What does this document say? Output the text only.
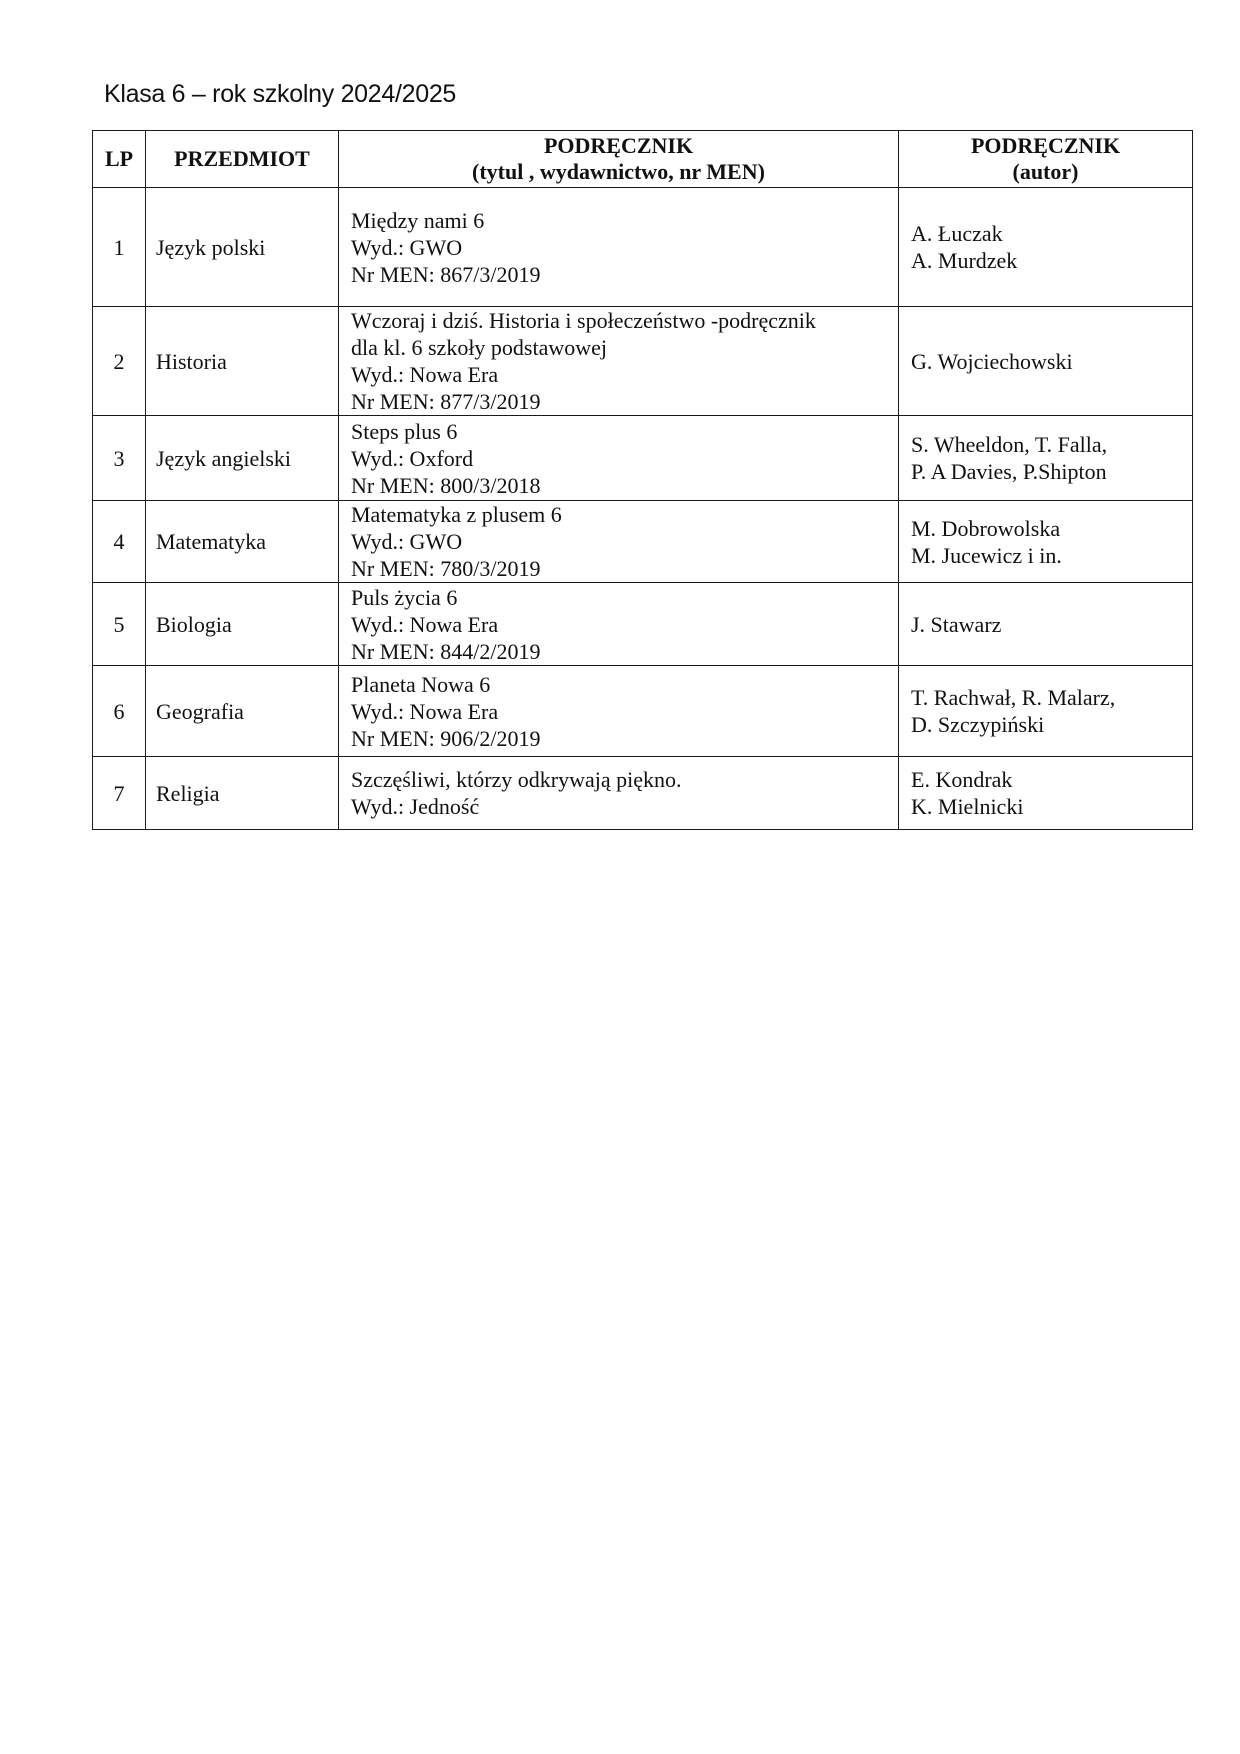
Klasa 6 – rok szkolny 2024/2025
LP	PRZEDMIOT	PODRĘCZNIK
(tytul , wydawnictwo, nr MEN)	PODRĘCZNIK
(autor)

1	Język polski	Między nami 6
Wyd.: GWO
Nr MEN: 867/3/2019	A. Łuczak
A. Murdzek

2	Historia	Wczoraj i dziś. Historia i społeczeństwo -podręcznik
dla kl. 6 szkoły podstawowej
Wyd.: Nowa Era
Nr MEN: 877/3/2019	G. Wojciechowski

3	Język angielski	Steps plus 6
Wyd.: Oxford
Nr MEN: 800/3/2018	S. Wheeldon, T. Falla,
P. A Davies, P.Shipton

4	Matematyka	Matematyka z plusem 6
Wyd.: GWO
Nr MEN: 780/3/2019	M. Dobrowolska
M. Jucewicz i in.

5	Biologia	Puls życia 6
Wyd.: Nowa Era
Nr MEN: 844/2/2019	J. Stawarz

6	Geografia	Planeta Nowa 6
Wyd.: Nowa Era
Nr MEN: 906/2/2019	T. Rachwał, R. Malarz,
D. Szczypiński

7	Religia	Szczęśliwi, którzy odkrywają piękno.
Wyd.: Jedność	E. Kondrak
K. Mielnicki
